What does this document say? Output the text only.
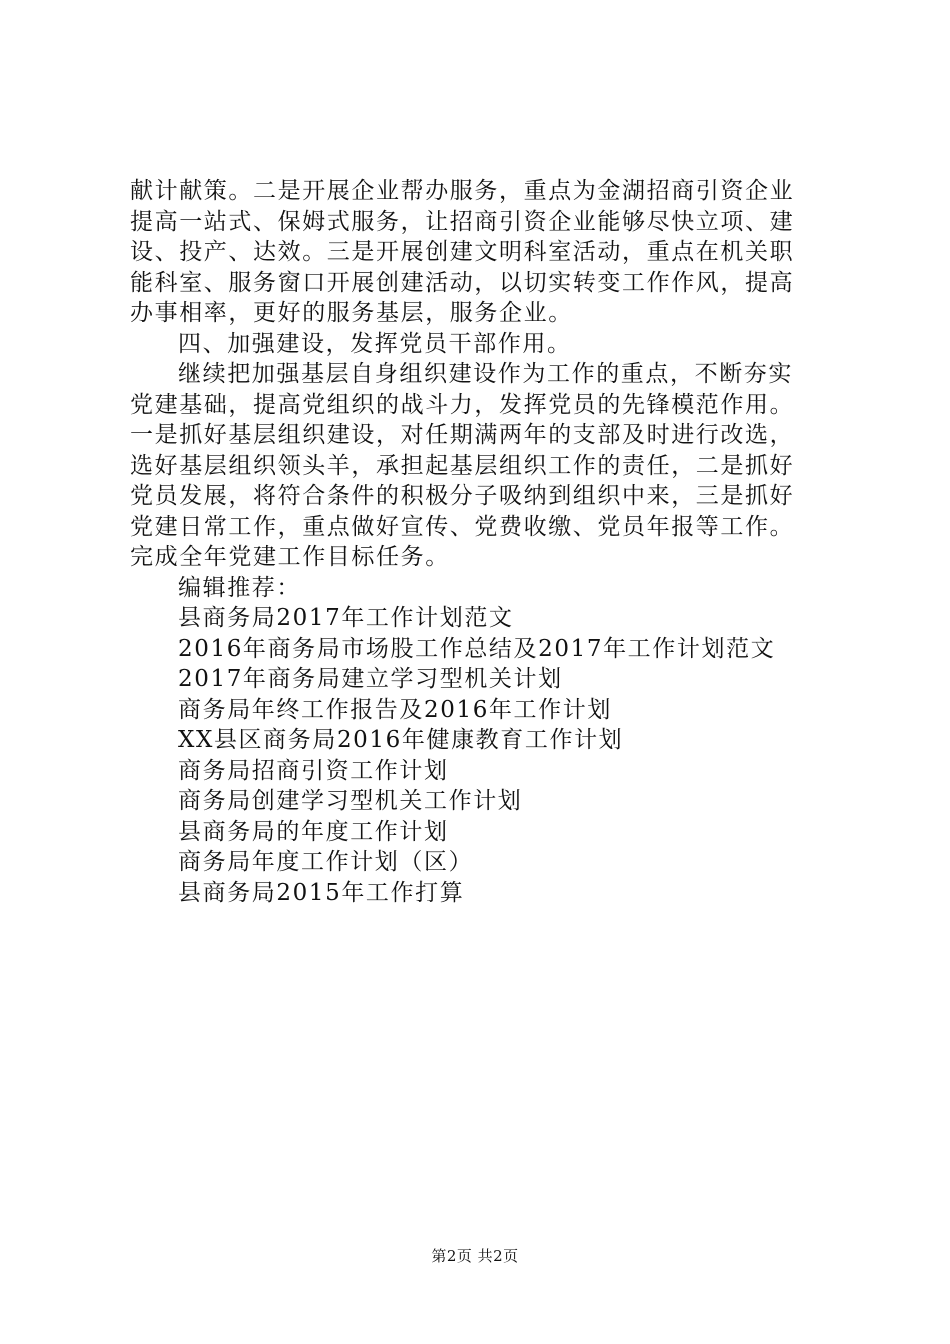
献计献策。二是开展企业帮办服务，重点为金湖招商引资企业
提高一站式、保姆式服务，让招商引资企业能够尽快立项、建
设、投产、达效。三是开展创建文明科室活动，重点在机关职
能科室、服务窗口开展创建活动，以切实转变工作作风，提高
办事相率，更好的服务基层，服务企业。
四、加强建设，发挥党员干部作用。
继续把加强基层自身组织建设作为工作的重点，不断夯实
党建基础，提高党组织的战斗力，发挥党员的先锋模范作用。
一是抓好基层组织建设，对任期满两年的支部及时进行改选，
选好基层组织领头羊，承担起基层组织工作的责任，二是抓好
党员发展，将符合条件的积极分子吸纳到组织中来，三是抓好
党建日常工作，重点做好宣传、党费收缴、党员年报等工作。
完成全年党建工作目标任务。
编辑推荐：
县商务局2017年工作计划范文
2016年商务局市场股工作总结及2017年工作计划范文
2017年商务局建立学习型机关计划
商务局年终工作报告及2016年工作计划
XX县区商务局2016年健康教育工作计划
商务局招商引资工作计划
商务局创建学习型机关工作计划
县商务局的年度工作计划
商务局年度工作计划（区）
县商务局2015年工作打算
第2页 共2页
